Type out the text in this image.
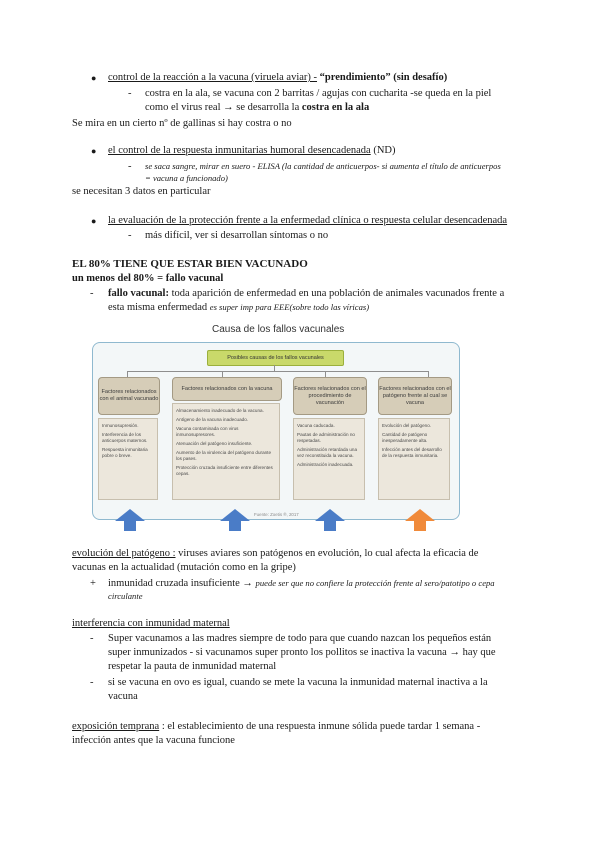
● control de la reacción a la vacuna (viruela aviar) - “prendimiento” (sin desafío)
- costra en la ala, se vacuna con 2 barritas / agujas con cucharita -se queda en la piel
como el virus real → se desarrolla la costra en la ala
Se mira en un cierto nº de gallinas si hay costra o no
● el control de la respuesta inmunitarias humoral desencadenada (ND)
- se saca sangre, mirar en suero - ELISA (la cantidad de anticuerpos- si aumenta el título de anticuerpos
= vacuna a funcionado)
se necesitan 3 datos en particular
● la evaluación de la protección frente a la enfermedad clínica o respuesta celular desencadenada
- más difícil, ver si desarrollan síntomas o no
EL 80% TIENE QUE ESTAR BIEN VACUNADO
un menos del 80% = fallo vacunal
- fallo vacunal: toda aparición de enfermedad en una población de animales vacunados frente a
esta misma enfermedad es super imp para EEE(sobre todo las víricas)
Causa de los fallos vacunales
Posibles causas de los fallos vacunales
Factores relacionados con el animal vacunado
Factores relacionados con la vacuna	Factores relacionados con el procedimiento de vacunación
Factores relacionados con el patógeno frente al cual se vacuna
Inmunosupresión.
Interferencia de los anticuerpos maternos.
Respuesta inmunitaria pobre o breve.
Almacenamiento inadecuado de la vacuna.
Antígeno de la vacuna inadecuado.
Vacuna contaminada con virus inmunosupresores.
Atenuación del patógeno insuficiente.
Aumento de la virulencia del patógeno durante los pases.
Protección cruzada insuficiente entre diferentes cepas.
Vacuna caducada.
Pautas de administración no respetadas.
Administración retardada una vez reconstituida la vacuna.
Administración inadecuada.
Evolución del patógeno.
Cantidad de patógeno inesperadamente alta.
Infección antes del desarrollo de la respuesta inmunitaria.
Fuente: Zoetis ®, 2017
evolución del patógeno : viruses aviares son patógenos en evolución, lo cual afecta la eficacia de
vacunas en la actualidad (mutación como en la gripe)
+ inmunidad cruzada insuficiente → puede ser que no confiere la protección frente al sero/patotipo o cepa
circulante
interferencia con inmunidad maternal
- Super vacunamos a las madres siempre de todo para que cuando nazcan los pequeños están
super inmunizados - si vacunamos super pronto los pollitos se inactiva la vacuna → hay que
respetar la pauta de inmunidad maternal
- si se vacuna en ovo es igual, cuando se mete la vacuna la inmunidad maternal inactiva a la
vacuna
exposición temprana : el establecimiento de una respuesta inmune sólida puede tardar 1 semana -
infección antes que la vacuna funcione
